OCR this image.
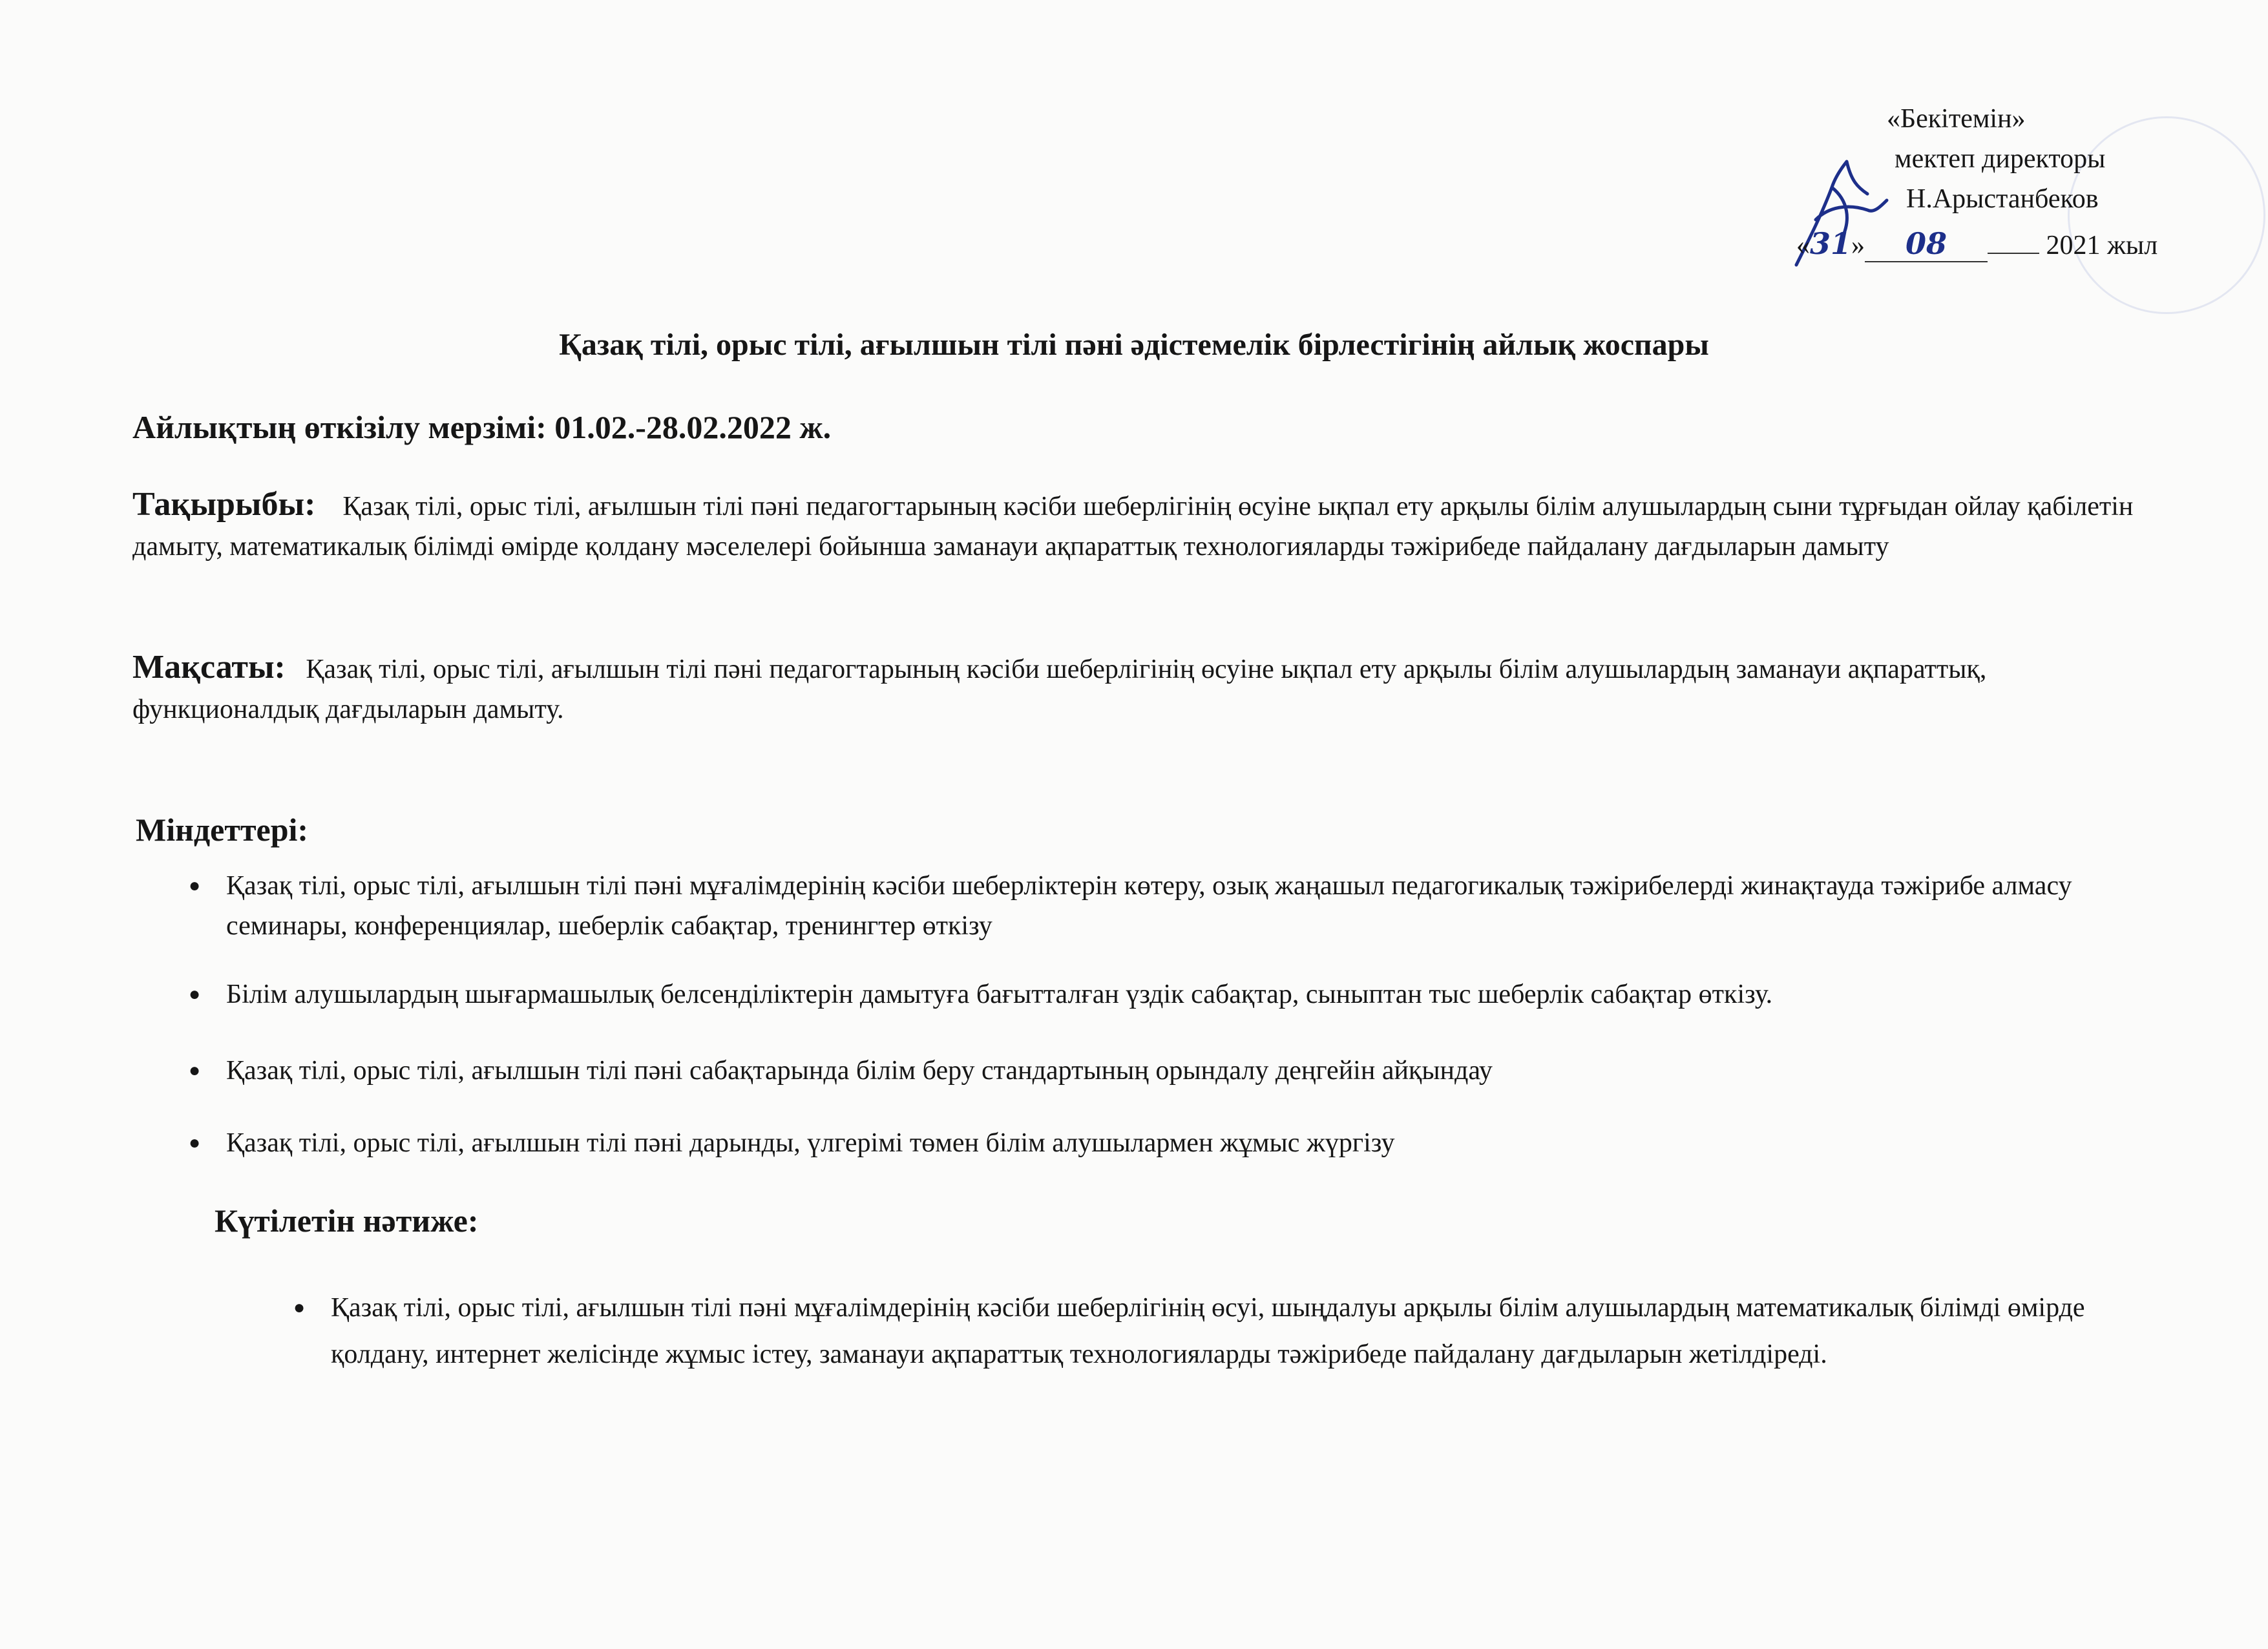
«Бекітемін»
мектеп директоры
Н.Арыстанбеков
«31» 08	2021 жыл
Қазақ тілі, орыс тілі, ағылшын тілі пәні әдістемелік бірлестігінің айлық жоспары
Айлықтың өткізілу мерзімі: 01.02.-28.02.2022 ж.
Тақырыбы: Қазақ тілі, орыс тілі, ағылшын тілі пәні педагогтарының кәсіби шеберлігінің өсуіне ықпал ету арқылы білім алушылардың сыни тұрғыдан ойлау қабілетін дамыту, математикалық білімді өмірде қолдану мәселелері бойынша заманауи ақпараттық технологияларды тәжірибеде пайдалану дағдыларын дамыту
Мақсаты: Қазақ тілі, орыс тілі, ағылшын тілі пәні педагогтарының кәсіби шеберлігінің өсуіне ықпал ету арқылы білім алушылардың заманауи ақпараттық, функционалдық дағдыларын дамыту.
Міндеттері:
● Қазақ тілі, орыс тілі, ағылшын тілі пәні мұғалімдерінің кәсіби шеберліктерін көтеру, озық жаңашыл педагогикалық тәжірибелерді жинақтауда тәжірибе алмасу семинары, конференциялар, шеберлік сабақтар, тренингтер өткізу
● Білім алушылардың шығармашылық белсенділіктерін дамытуға бағытталған үздік сабақтар, сыныптан тыс шеберлік сабақтар өткізу.
● Қазақ тілі, орыс тілі, ағылшын тілі пәні сабақтарында білім беру стандартының орындалу деңгейін айқындау
● Қазақ тілі, орыс тілі, ағылшын тілі пәні дарынды, үлгерімі төмен білім алушылармен жұмыс жүргізу
Күтілетін нәтиже:
● Қазақ тілі, орыс тілі, ағылшын тілі пәні мұғалімдерінің кәсіби шеберлігінің өсуі, шыңдалуы арқылы білім алушылардың математикалық білімді өмірде қолдану, интернет желісінде жұмыс істеу, заманауи ақпараттық технологияларды тәжірибеде пайдалану дағдыларын жетілдіреді.
